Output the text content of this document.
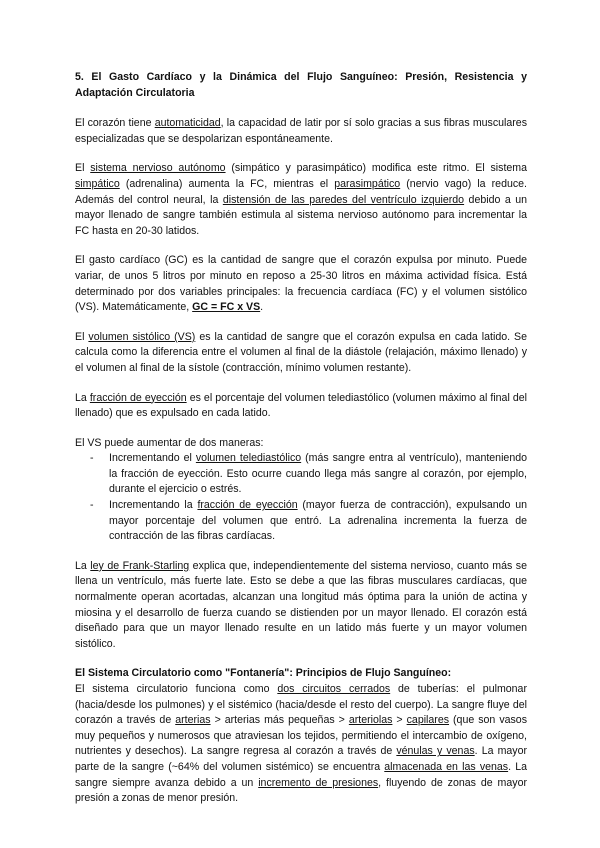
5. El Gasto Cardíaco y la Dinámica del Flujo Sanguíneo: Presión, Resistencia y Adaptación Circulatoria

El corazón tiene automaticidad, la capacidad de latir por sí solo gracias a sus fibras musculares especializadas que se despolarizan espontáneamente.

El sistema nervioso autónomo (simpático y parasimpático) modifica este ritmo. El sistema simpático (adrenalina) aumenta la FC, mientras el parasimpático (nervio vago) la reduce. Además del control neural, la distensión de las paredes del ventrículo izquierdo debido a un mayor llenado de sangre también estimula al sistema nervioso autónomo para incrementar la FC hasta en 20-30 latidos.

El gasto cardíaco (GC) es la cantidad de sangre que el corazón expulsa por minuto. Puede variar, de unos 5 litros por minuto en reposo a 25-30 litros en máxima actividad física. Está determinado por dos variables principales: la frecuencia cardíaca (FC) y el volumen sistólico (VS). Matemáticamente, GC = FC x VS.

El volumen sistólico (VS) es la cantidad de sangre que el corazón expulsa en cada latido. Se calcula como la diferencia entre el volumen al final de la diástole (relajación, máximo llenado) y el volumen al final de la sístole (contracción, mínimo volumen restante).

La fracción de eyección es el porcentaje del volumen telediastólico (volumen máximo al final del llenado) que es expulsado en cada latido.

El VS puede aumentar de dos maneras:

- Incrementando el volumen telediastólico (más sangre entra al ventrículo), manteniendo la fracción de eyección. Esto ocurre cuando llega más sangre al corazón, por ejemplo, durante el ejercicio o estrés.
- Incrementando la fracción de eyección (mayor fuerza de contracción), expulsando un mayor porcentaje del volumen que entró. La adrenalina incrementa la fuerza de contracción de las fibras cardíacas.

La ley de Frank-Starling explica que, independientemente del sistema nervioso, cuanto más se llena un ventrículo, más fuerte late. Esto se debe a que las fibras musculares cardíacas, que normalmente operan acortadas, alcanzan una longitud más óptima para la unión de actina y miosina y el desarrollo de fuerza cuando se distienden por un mayor llenado. El corazón está diseñado para que un mayor llenado resulte en un latido más fuerte y un mayor volumen sistólico.

El Sistema Circulatorio como "Fontanería": Principios de Flujo Sanguíneo:

El sistema circulatorio funciona como dos circuitos cerrados de tuberías: el pulmonar (hacia/desde los pulmones) y el sistémico (hacia/desde el resto del cuerpo). La sangre fluye del corazón a través de arterias > arterias más pequeñas > arteriolas > capilares (que son vasos muy pequeños y numerosos que atraviesan los tejidos, permitiendo el intercambio de oxígeno, nutrientes y desechos). La sangre regresa al corazón a través de vénulas y venas. La mayor parte de la sangre (~64% del volumen sistémico) se encuentra almacenada en las venas. La sangre siempre avanza debido a un incremento de presiones, fluyendo de zonas de mayor presión a zonas de menor presión.
